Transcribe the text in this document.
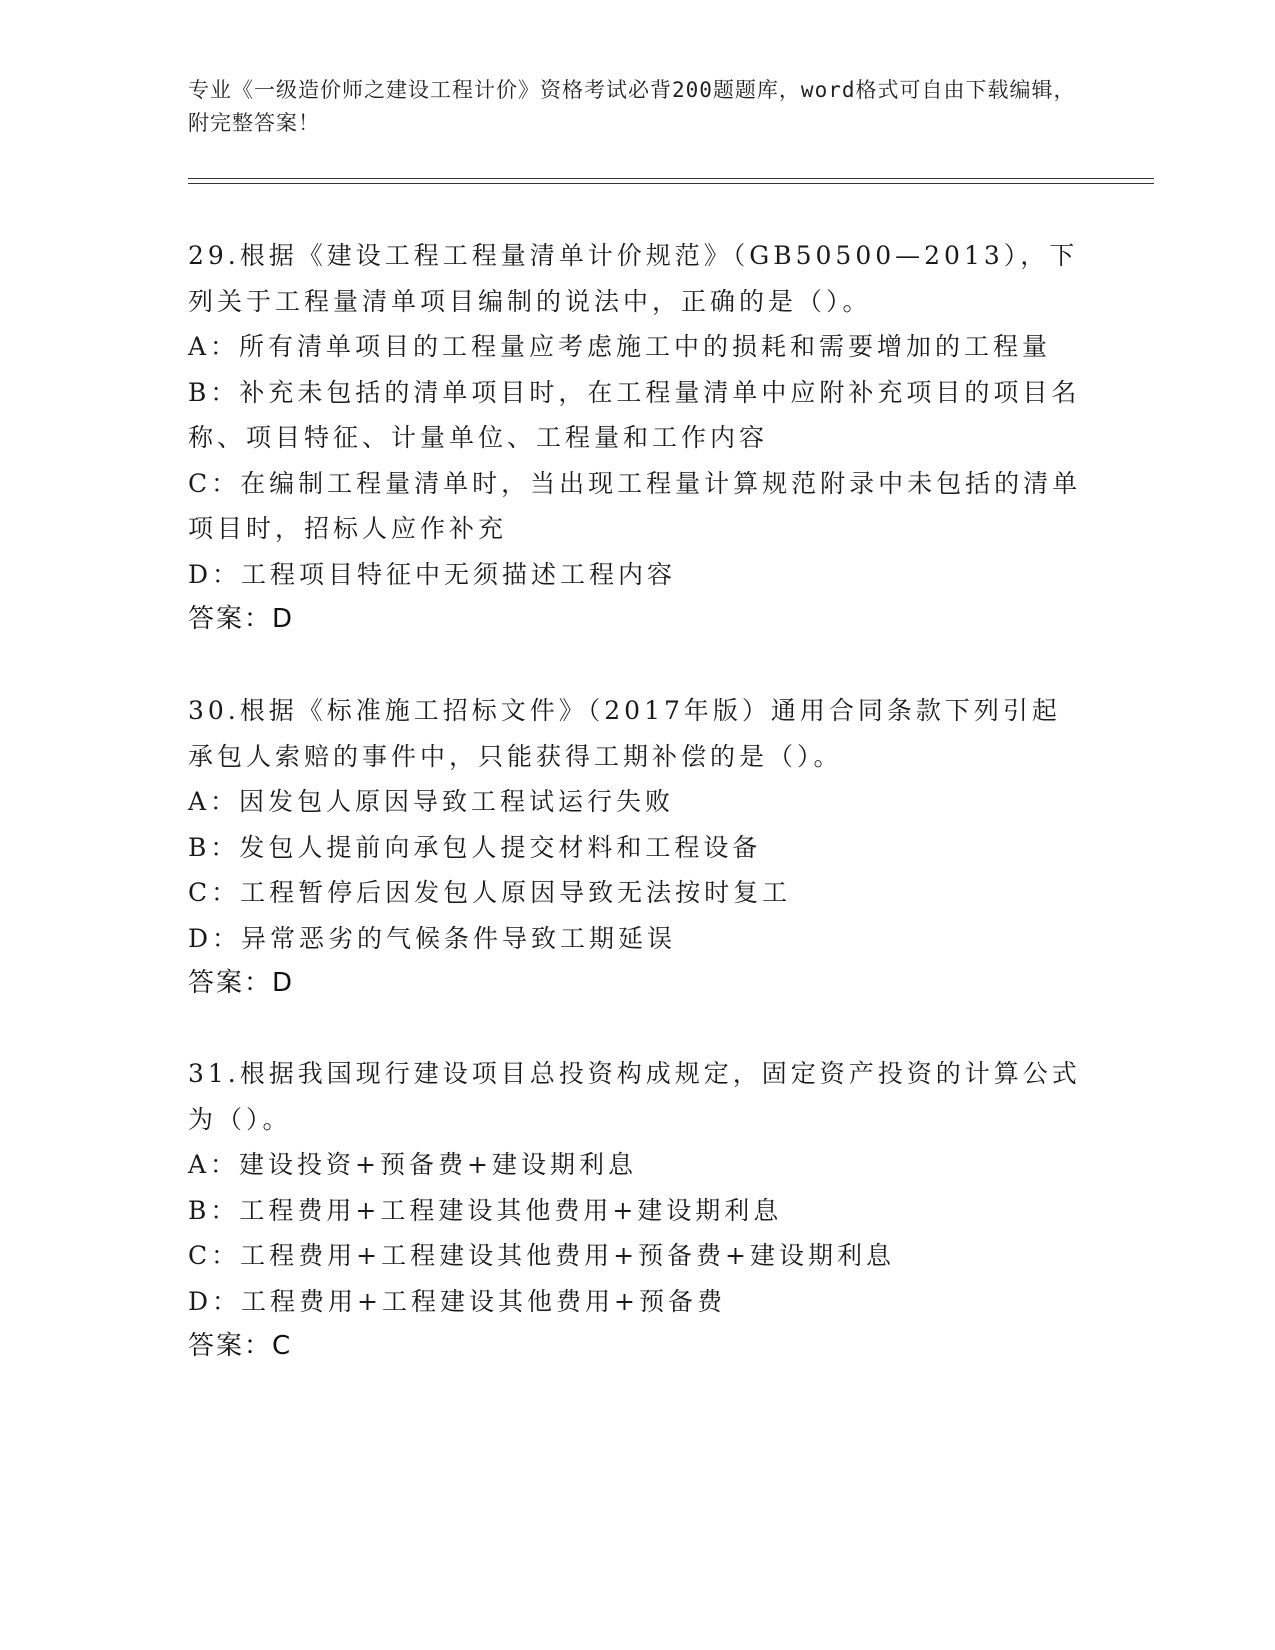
专业《一级造价师之建设工程计价》资格考试必背200题题库，word格式可自由下载编辑，附完整答案！

29.根据《建设工程工程量清单计价规范》（GB50500—2013），下列关于工程量清单项目编制的说法中，正确的是（）。

A：所有清单项目的工程量应考虑施工中的损耗和需要增加的工程量

B：补充未包括的清单项目时，在工程量清单中应附补充项目的项目名称、项目特征、计量单位、工程量和工作内容

C：在编制工程量清单时，当出现工程量计算规范附录中未包括的清单项目时，招标人应作补充

D：工程项目特征中无须描述工程内容

答案：D

30.根据《标准施工招标文件》（2017年版）通用合同条款下列引起承包人索赔的事件中，只能获得工期补偿的是（）。

A：因发包人原因导致工程试运行失败

B：发包人提前向承包人提交材料和工程设备

C：工程暂停后因发包人原因导致无法按时复工

D：异常恶劣的气候条件导致工期延误

答案：D

31.根据我国现行建设项目总投资构成规定，固定资产投资的计算公式为（）。

A：建设投资+预备费+建设期利息

B：工程费用+工程建设其他费用+建设期利息

C：工程费用+工程建设其他费用+预备费+建设期利息

D：工程费用+工程建设其他费用+预备费

答案：C
